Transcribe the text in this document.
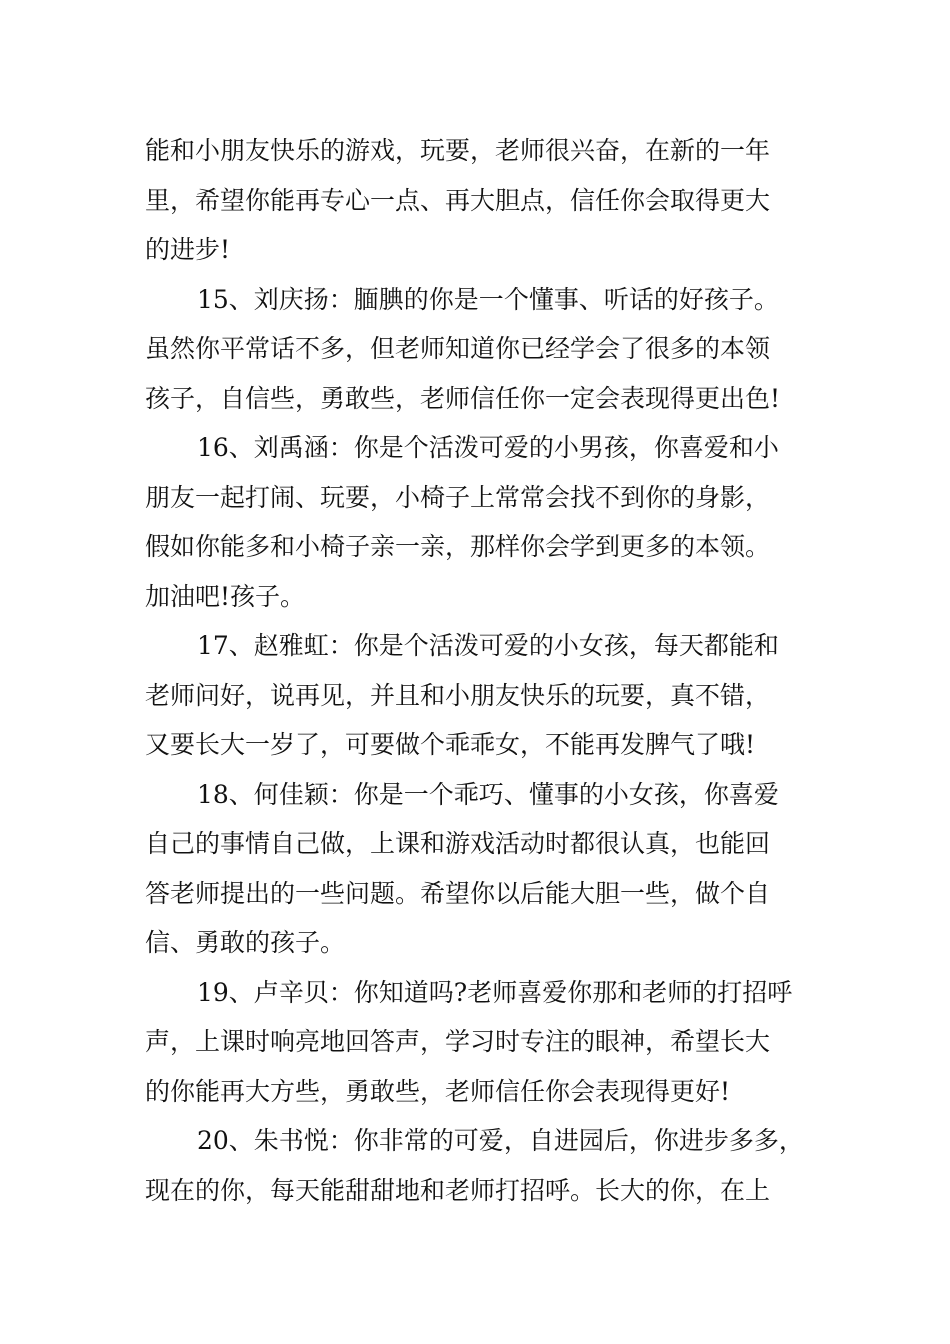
能和小朋友快乐的游戏，玩要，老师很兴奋，在新的一年
里，希望你能再专心一点、再大胆点，信任你会取得更大
的进步!
15、刘庆扬：腼腆的你是一个懂事、听话的好孩子。
虽然你平常话不多，但老师知道你已经学会了很多的本领
孩子，自信些，勇敢些，老师信任你一定会表现得更出色!
16、刘禹涵：你是个活泼可爱的小男孩，你喜爱和小
朋友一起打闹、玩要，小椅子上常常会找不到你的身影，
假如你能多和小椅子亲一亲，那样你会学到更多的本领。
加油吧!孩子。
17、赵雅虹：你是个活泼可爱的小女孩，每天都能和
老师问好，说再见，并且和小朋友快乐的玩要，真不错，
又要长大一岁了，可要做个乖乖女，不能再发脾气了哦!
18、何佳颖：你是一个乖巧、懂事的小女孩，你喜爱
自己的事情自己做，上课和游戏活动时都很认真，也能回
答老师提出的一些问题。希望你以后能大胆一些，做个自
信、勇敢的孩子。
19、卢辛贝：你知道吗?老师喜爱你那和老师的打招呼
声，上课时响亮地回答声，学习时专注的眼神，希望长大
的你能再大方些，勇敢些，老师信任你会表现得更好!
20、朱书悦：你非常的可爱，自进园后，你进步多多，
现在的你，每天能甜甜地和老师打招呼。长大的你，在上
